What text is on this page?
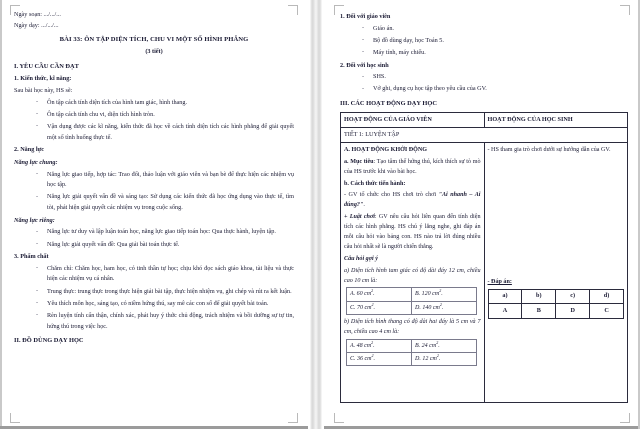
Ngày soạn: .../.../...

Ngày dạy: .../.../...

BÀI 33: ÔN TẬP DIỆN TÍCH, CHU VI MỘT SỐ HÌNH PHẲNG
(3 tiết)

I. YÊU CẦU CẦN ĐẠT

1. Kiến thức, kĩ năng:

Sau bài học này, HS sẽ:

- Ôn tập cách tính diện tích của hình tam giác, hình thang.
- Ôn tập cách tính chu vi, diện tích hình tròn.
- Vận dụng được các kĩ năng, kiến thức đã học về cách tính diện tích các hình phẳng để giải quyết một số tình huống thực tế.

2. Năng lực

Năng lực chung:

- Năng lực giao tiếp, hợp tác: Trao đổi, thảo luận với giáo viên và bạn bè để thực hiện các nhiệm vụ học tập.
- Năng lực giải quyết vấn đề và sáng tạo: Sử dụng các kiến thức đã học ứng dụng vào thực tế, tìm tòi, phát hiện giải quyết các nhiệm vụ trong cuộc sống.

Năng lực riêng:

- Năng lực tư duy và lập luận toán học, năng lực giao tiếp toán học: Qua thực hành, luyện tập.
- Năng lực giải quyết vấn đề: Qua giải bài toán thực tế.

3. Phẩm chất

- Chăm chỉ: Chăm học, ham học, có tinh thần tự học; chịu khó đọc sách giáo khoa, tài liệu và thực hiện các nhiệm vụ cá nhân.
- Trung thực: trung thực trong thực hiện giải bài tập, thực hiện nhiệm vụ, ghi chép và rút ra kết luận.
- Yêu thích môn học, sáng tạo, có niềm hứng thú, say mê các con số để giải quyết bài toán.
- Rèn luyện tính cẩn thận, chính xác, phát huy ý thức chủ động, trách nhiệm và bồi dưỡng sự tự tin, hứng thú trong việc học.

II. ĐỒ DÙNG DẠY HỌC

1. Đối với giáo viên

- Giáo án.
- Bộ đồ dùng dạy, học Toán 5.
- Máy tính, máy chiếu.

2. Đối với học sinh

- SHS.
- Vở ghi, dụng cụ học tập theo yêu cầu của GV.

III. CÁC HOẠT ĐỘNG DẠY HỌC

HOẠT ĐỘNG CỦA GIÁO VIÊN	HOẠT ĐỘNG CỦA HỌC SINH
TIẾT 1: LUYỆN TẬP

A. HOẠT ĐỘNG KHỞI ĐỘNG

a. Mục tiêu: Tạo tâm thế hứng thú, kích thích sự tò mò của HS trước khi vào bài học.

b. Cách thức tiến hành:

- GV tổ chức cho HS chơi trò chơi "Ai nhanh – Ai đúng?".

+ Luật chơi: GV nêu câu hỏi liên quan đến tính diện tích các hình phẳng. HS chú ý lắng nghe, ghi đáp án mỗi câu hỏi vào bảng con. HS nào trả lời đúng nhiều câu hỏi nhất sẽ là người chiến thắng.

Câu hỏi gợi ý

a) Diện tích hình tam giác có độ dài đáy 12 cm, chiều cao 10 cm là:

A. 60 $cm^2$.	B. 120 $cm^2$.
C. 70 $cm^2$.	D. 140 $cm^2$.

b) Diện tích hình thang có độ dài hai đáy là 5 cm và 7 cm, chiều cao 4 cm là:

A. 48 $cm^2$.	B. 24 $cm^2$.
C. 36 $cm^2$.	D. 12 $cm^2$.

- HS tham gia trò chơi dưới sự hướng dẫn của GV.

- Đáp án:

a)	b)	c)	d)
A	B	D	C
